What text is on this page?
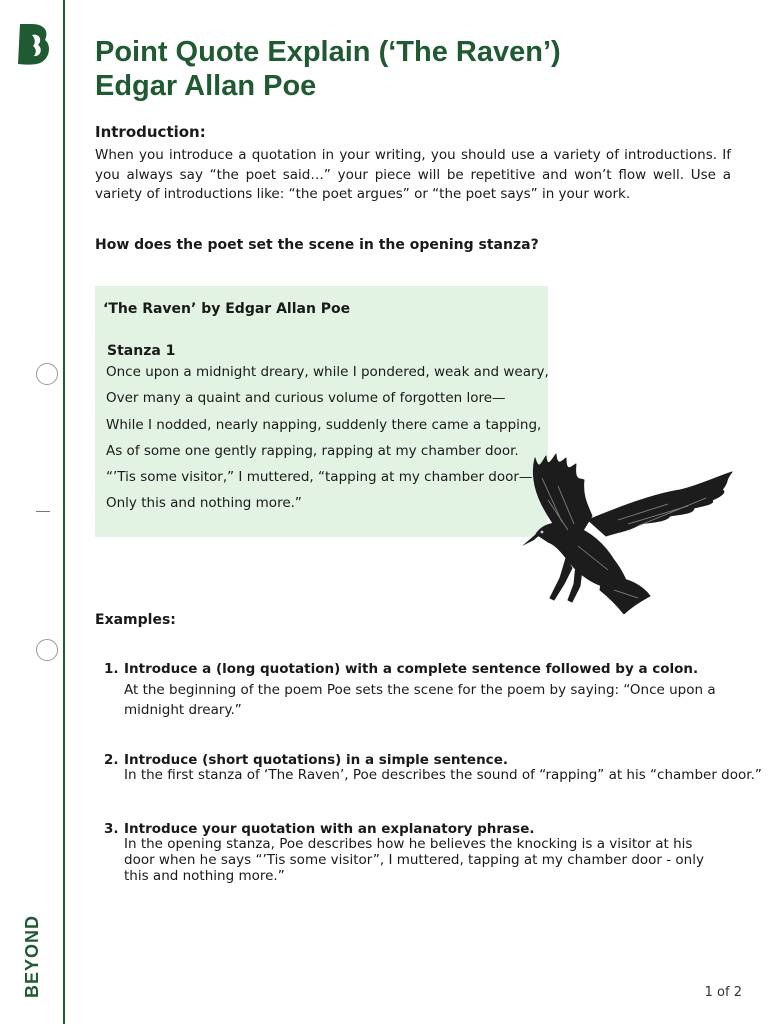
BEYOND
Point Quote Explain (‘The Raven’)
Edgar Allan Poe
Introduction:

When you introduce a quotation in your writing, you should use a variety of introductions. If you always say “the poet said…” your piece will be repetitive and won’t flow well. Use a variety of introductions like: “the poet argues” or “the poet says” in your work.

How does the poet set the scene in the opening stanza?
‘The Raven’ by Edgar Allan Poe
Stanza 1
Once upon a midnight dreary, while I pondered, weak and weary,
Over many a quaint and curious volume of forgotten lore—
While I nodded, nearly napping, suddenly there came a tapping,
As of some one gently rapping, rapping at my chamber door.
“’Tis some visitor,” I muttered, “tapping at my chamber door—
Only this and nothing more.”
Examples:
1. Introduce a (long quotation) with a complete sentence followed by a colon.
At the beginning of the poem Poe sets the scene for the poem by saying: “Once upon a midnight dreary.”
2. Introduce (short quotations) in a simple sentence.
In the first stanza of ‘The Raven’, Poe describes the sound of “rapping” at his “chamber door.”
3. Introduce your quotation with an explanatory phrase.
In the opening stanza, Poe describes how he believes the knocking is a visitor at his door when he says “’Tis some visitor”, I muttered, tapping at my chamber door - only this and nothing more.”
1 of 2
